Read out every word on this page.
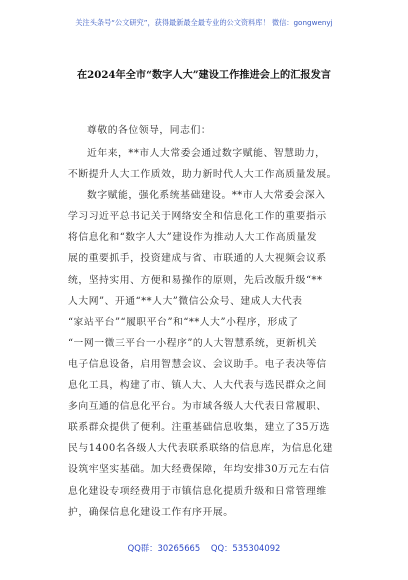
关注头条号“公文研究”，获得最新最全最专业的公文资料库！ 微信：gongwenyj
在2024年全市“数字人大”建设工作推进会上的汇报发言
尊敬的各位领导，同志们：
近年来，**市人大常委会通过数字赋能、智慧助力，
不断提升人大工作质效，助力新时代人大工作高质量发展。
数字赋能，强化系统基础建设。**市人大常委会深入
学习习近平总书记关于网络安全和信息化工作的重要指示
将信息化和“数字人大”建设作为推动人大工作高质量发
展的重要抓手，投资建成与省、市联通的人大视频会议系
统，坚持实用、方便和易操作的原则，先后改版升级“**
人大网”、开通“**人大”微信公众号、建成人大代表
“家站平台”“履职平台”和“**人大”小程序，形成了
“一网一微三平台一小程序”的人大智慧系统，更新机关
电子信息设备，启用智慧会议、会议助手。电子表决等信
息化工具，构建了市、镇人大、人大代表与选民群众之间
多向互通的信息化平台。为市域各级人大代表日常履职、
联系群众提供了便利。注重基础信息收集，建立了35万选
民与1400名各级人大代表联系联络的信息库，为信息化建
设筑牢坚实基础。加大经费保障，年均安排30万元左右信
息化建设专项经费用于市镇信息化提质升级和日常管理维
护，确保信息化建设工作有序开展。
QQ群：30265665 QQ：535304092
